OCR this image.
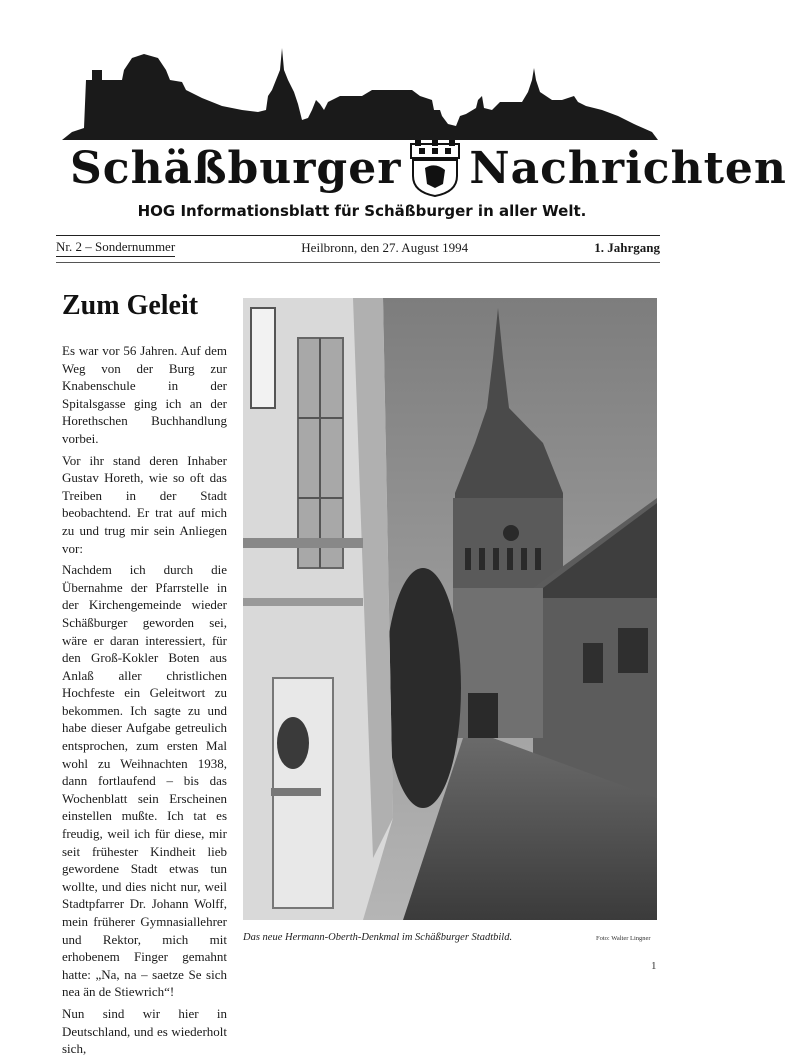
Schäßburger Nachrichten
HOG Informationsblatt für Schäßburger in aller Welt.
Nr. 2 – Sondernummer	Heilbronn, den 27. August 1994	1. Jahrgang
Zum Geleit

Es war vor 56 Jahren. Auf dem Weg von der Burg zur Knabenschule in der Spitalsgasse ging ich an der Horethschen Buchhandlung vorbei.

Vor ihr stand deren Inhaber Gustav Horeth, wie so oft das Treiben in der Stadt beobachtend. Er trat auf mich zu und trug mir sein Anliegen vor:

Nachdem ich durch die Übernahme der Pfarrstelle in der Kirchengemeinde wieder Schäßburger geworden sei, wäre er daran interessiert, für den Groß-Kokler Boten aus Anlaß aller christlichen Hochfeste ein Geleitwort zu bekommen. Ich sagte zu und habe dieser Aufgabe getreulich entsprochen, zum ersten Mal wohl zu Weihnachten 1938, dann fortlaufend – bis das Wochenblatt sein Erscheinen einstellen mußte. Ich tat es freudig, weil ich für diese, mir seit frühester Kindheit lieb gewordene Stadt etwas tun wollte, und dies nicht nur, weil Stadtpfarrer Dr. Johann Wolff, mein früherer Gymnasiallehrer und Rektor, mich mit erhobenem Finger gemahnt hatte: „Na, na – saetze Se sich nea än de Stiewrich“!

Nun sind wir hier in Deutschland, und es wiederholt sich,

Das neue Hermann-Oberth-Denkmal im Schäßburger Stadtbild.	Foto: Walter Lingner
1
